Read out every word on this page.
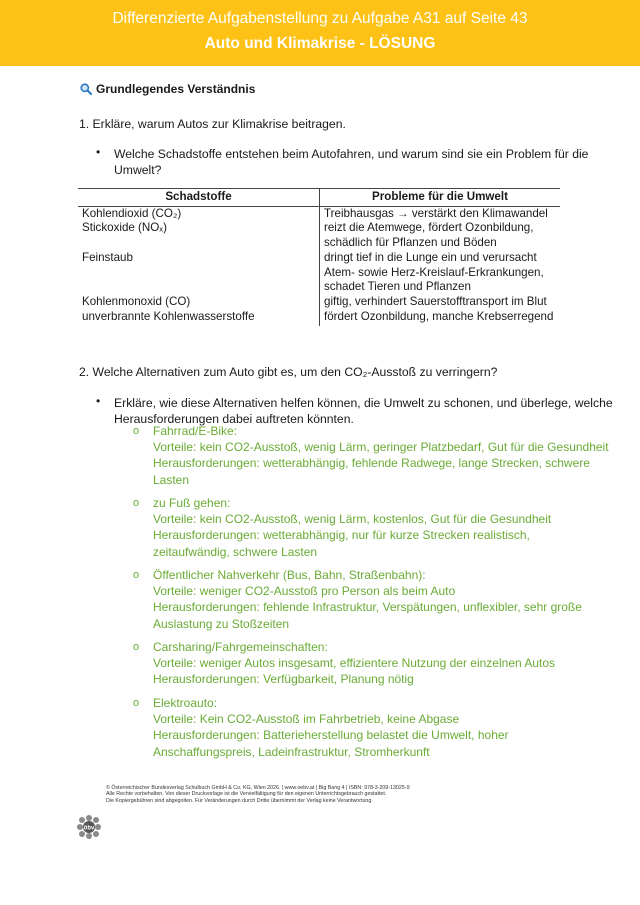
Differenzierte Aufgabenstellung zu Aufgabe A31 auf Seite 43
Auto und Klimakrise - LÖSUNG
Grundlegendes Verständnis
1. Erkläre, warum Autos zur Klimakrise beitragen.
• Welche Schadstoffe entstehen beim Autofahren, und warum sind sie ein Problem für die
Umwelt?
Schadstoffe	Probleme für die Umwelt
Kohlendioxid (CO₂)	Treibhausgas → verstärkt den Klimawandel
Stickoxide (NOₓ)	reizt die Atemwege, fördert Ozonbildung,
	schädlich für Pflanzen und Böden
Feinstaub	dringt tief in die Lunge ein und verursacht
	Atem- sowie Herz-Kreislauf-Erkrankungen,
	schadet Tieren und Pflanzen
Kohlenmonoxid (CO)	giftig, verhindert Sauerstofftransport im Blut
unverbrannte Kohlenwasserstoffe	fördert Ozonbildung, manche Krebserregend
2. Welche Alternativen zum Auto gibt es, um den CO₂-Ausstoß zu verringern?
• Erkläre, wie diese Alternativen helfen können, die Umwelt zu schonen, und überlege, welche
Herausforderungen dabei auftreten könnten.
o Fahrrad/E-Bike:
Vorteile: kein CO2-Ausstoß, wenig Lärm, geringer Platzbedarf, Gut für die Gesundheit
Herausforderungen: wetterabhängig, fehlende Radwege, lange Strecken, schwere
Lasten
o zu Fuß gehen:
Vorteile: kein CO2-Ausstoß, wenig Lärm, kostenlos, Gut für die Gesundheit
Herausforderungen: wetterabhängig, nur für kurze Strecken realistisch,
zeitaufwändig, schwere Lasten
o Öffentlicher Nahverkehr (Bus, Bahn, Straßenbahn):
Vorteile: weniger CO2-Ausstoß pro Person als beim Auto
Herausforderungen: fehlende Infrastruktur, Verspätungen, unflexibler, sehr große
Auslastung zu Stoßzeiten
o Carsharing/Fahrgemeinschaften:
Vorteile: weniger Autos insgesamt, effizientere Nutzung der einzelnen Autos
Herausforderungen: Verfügbarkeit, Planung nötig
o Elektroauto:
Vorteile: Kein CO2-Ausstoß im Fahrbetrieb, keine Abgase
Herausforderungen: Batterieherstellung belastet die Umwelt, hoher
Anschaffungspreis, Ladeinfrastruktur, Stromherkunft
© Österreichischer Bundesverlag Schulbuch GmbH & Co. KG, Wien 2026. | www.oebv.at | Big Bang 4 | ISBN: 978-3-209-13025-9
Alle Rechte vorbehalten. Von dieser Druckvorlage ist die Vervielfältigung für den eigenen Unterrichtsgebrauch gestattet.
Die Kopiergebühren sind abgegolten. Für Veränderungen durch Dritte übernimmt der Verlag keine Verantwortung.
öbv
